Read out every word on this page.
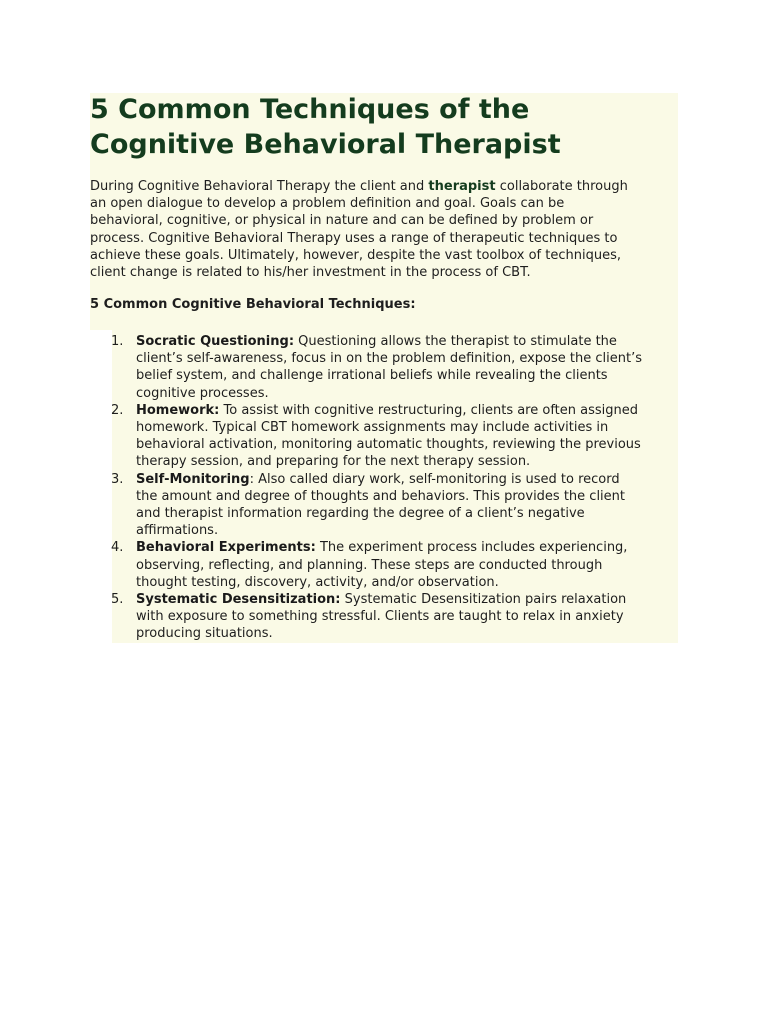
5 Common Techniques of the
Cognitive Behavioral Therapist

During Cognitive Behavioral Therapy the client and therapist collaborate through
an open dialogue to develop a problem definition and goal. Goals can be
behavioral, cognitive, or physical in nature and can be defined by problem or
process. Cognitive Behavioral Therapy uses a range of therapeutic techniques to
achieve these goals. Ultimately, however, despite the vast toolbox of techniques,
client change is related to his/her investment in the process of CBT.

5 Common Cognitive Behavioral Techniques:

1. Socratic Questioning: Questioning allows the therapist to stimulate the
client’s self-awareness, focus in on the problem definition, expose the client’s
belief system, and challenge irrational beliefs while revealing the clients
cognitive processes.
2. Homework: To assist with cognitive restructuring, clients are often assigned
homework. Typical CBT homework assignments may include activities in
behavioral activation, monitoring automatic thoughts, reviewing the previous
therapy session, and preparing for the next therapy session.
3. Self-Monitoring: Also called diary work, self-monitoring is used to record
the amount and degree of thoughts and behaviors. This provides the client
and therapist information regarding the degree of a client’s negative
affirmations.
4. Behavioral Experiments: The experiment process includes experiencing,
observing, reflecting, and planning. These steps are conducted through
thought testing, discovery, activity, and/or observation.
5. Systematic Desensitization: Systematic Desensitization pairs relaxation
with exposure to something stressful. Clients are taught to relax in anxiety
producing situations.
